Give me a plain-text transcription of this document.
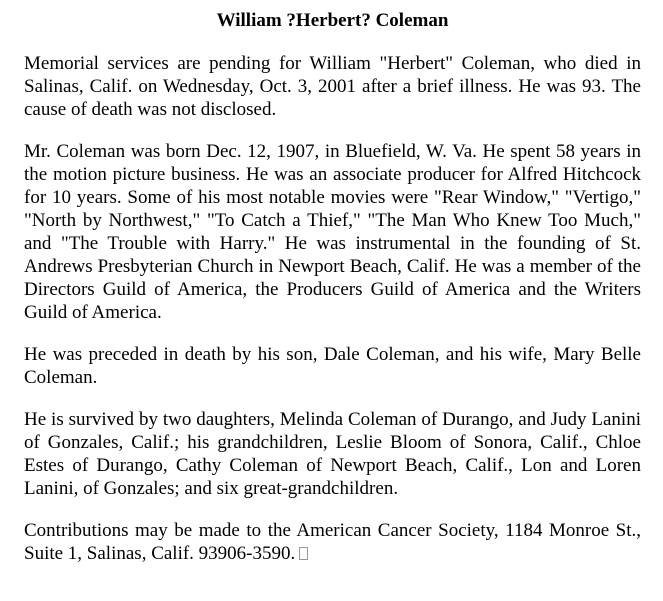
William ?Herbert? Coleman
Memorial services are pending for William "Herbert" Coleman, who died in Salinas, Calif. on Wednesday, Oct. 3, 2001 after a brief illness. He was 93. The cause of death was not disclosed.
Mr. Coleman was born Dec. 12, 1907, in Bluefield, W. Va. He spent 58 years in the motion picture business. He was an associate producer for Alfred Hitchcock for 10 years. Some of his most notable movies were "Rear Window," "Vertigo," "North by Northwest," "To Catch a Thief," "The Man Who Knew Too Much," and "The Trouble with Harry." He was instrumental in the founding of St. Andrews Presbyterian Church in Newport Beach, Calif. He was a member of the Directors Guild of America, the Producers Guild of America and the Writers Guild of America.
He was preceded in death by his son, Dale Coleman, and his wife, Mary Belle Coleman.
He is survived by two daughters, Melinda Coleman of Durango, and Judy Lanini of Gonzales, Calif.; his grandchildren, Leslie Bloom of Sonora, Calif., Chloe Estes of Durango, Cathy Coleman of Newport Beach, Calif., Lon and Loren Lanini, of Gonzales; and six great-grandchildren.
Contributions may be made to the American Cancer Society, 1184 Monroe St., Suite 1, Salinas, Calif. 93906-3590.
